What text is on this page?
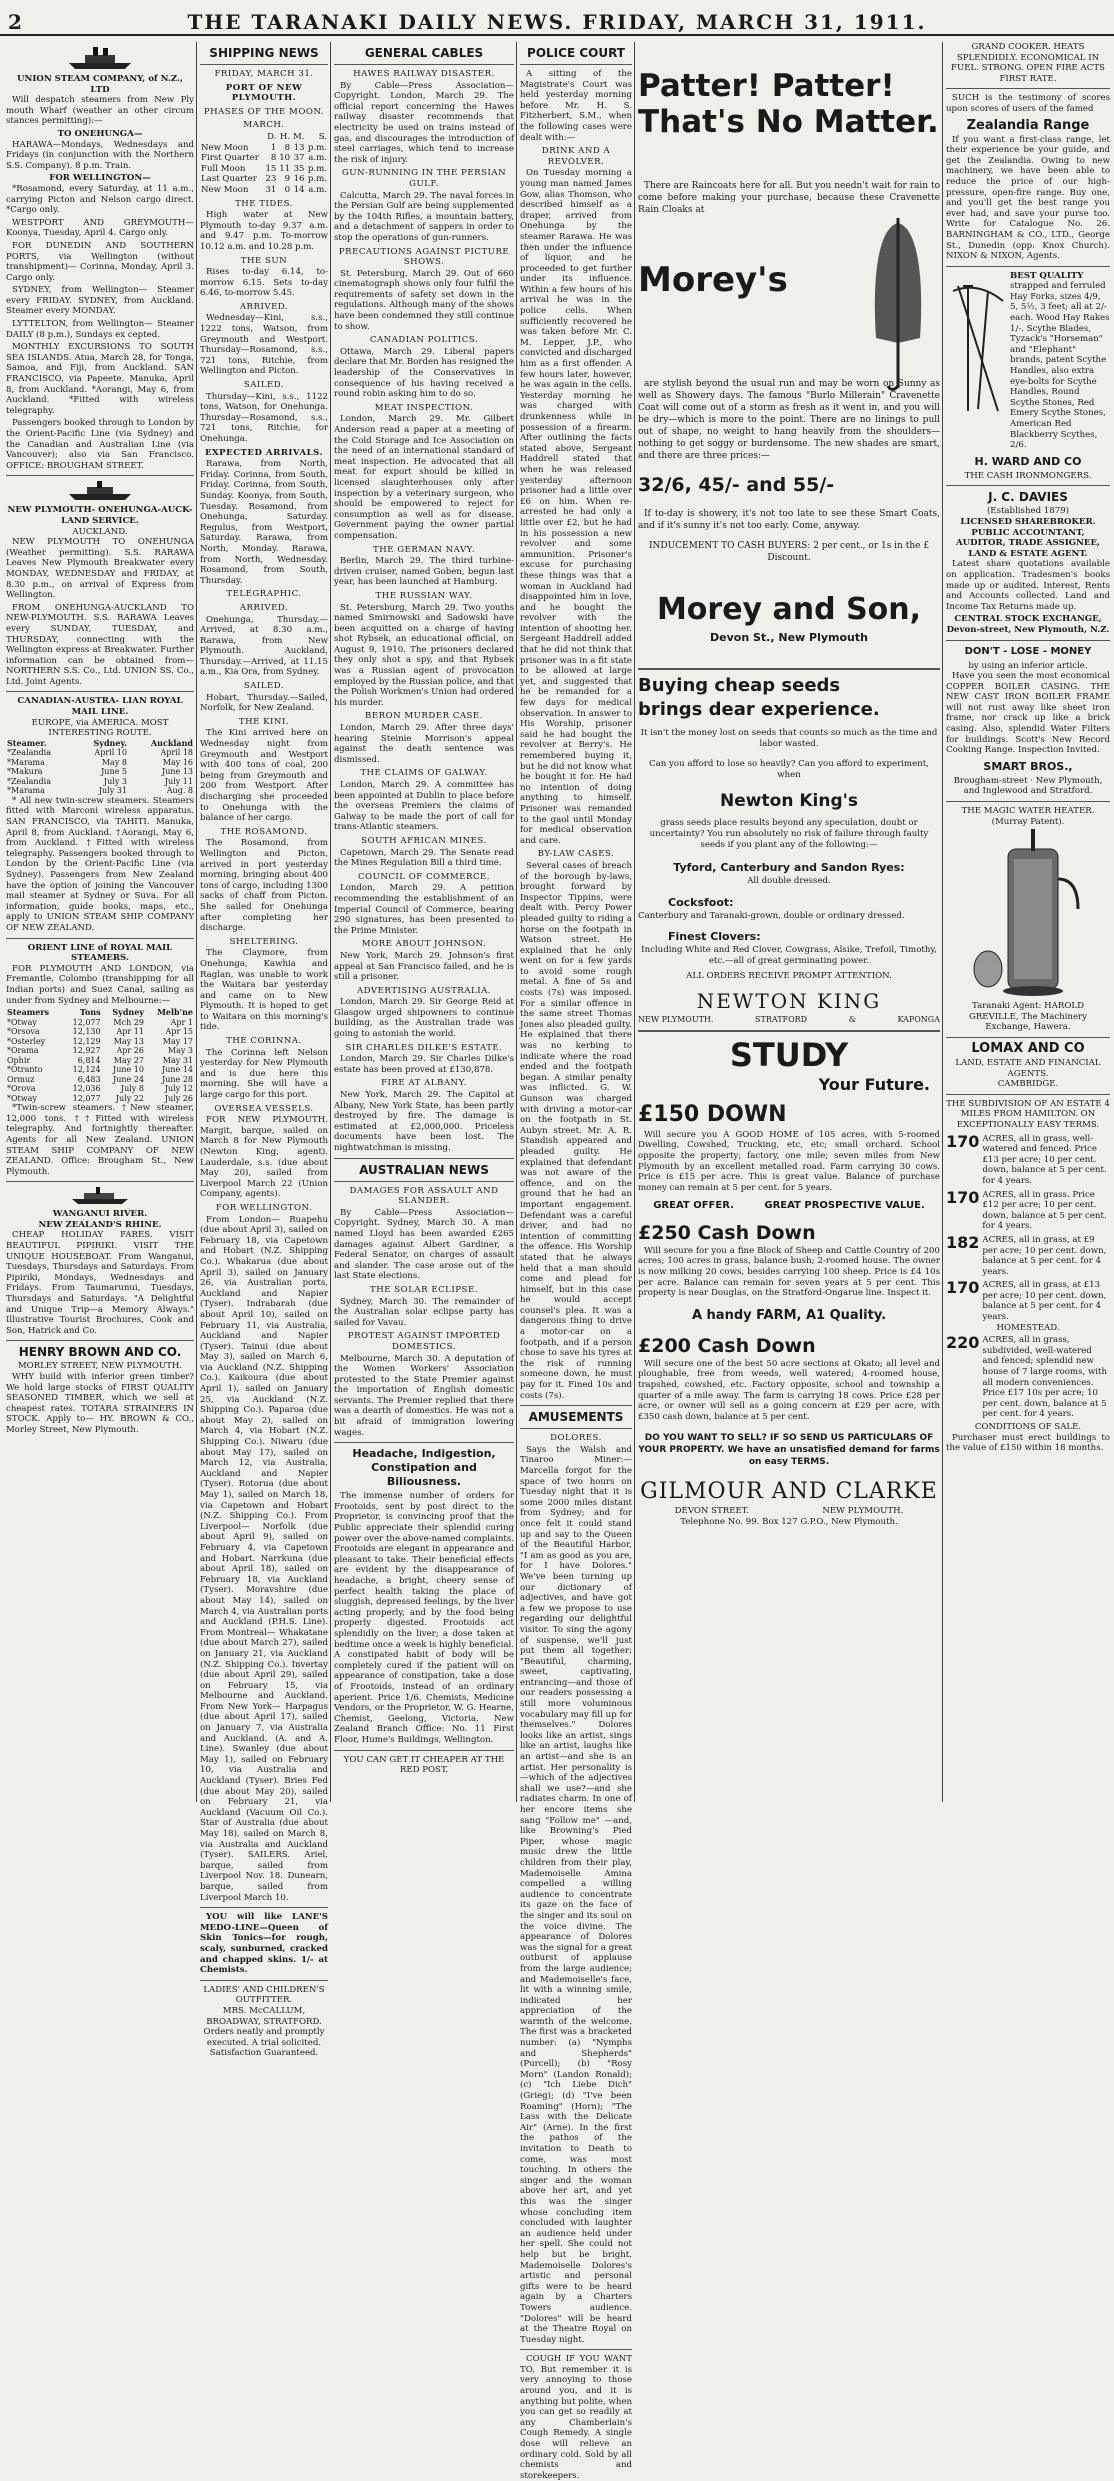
2	THE TARANAKI DAILY NEWS. FRIDAY, MARCH 31, 1911.
UNION STEAM COMPANY, of N.Z., LTD
Will despatch steamers from New Ply mouth Wharf (weather an other circum stances permitting):—
TO ONEHUNGA—
HARAWA—Mondays, Wednesdays and Fridays (in conjunction with the Northern S.S. Company). 8 p.m. Train.
FOR WELLINGTON—
*Rosamond, every Saturday, at 11 a.m., carrying Picton and Nelson cargo direct. *Cargo only.
WESTPORT AND GREYMOUTH— Koonya, Tuesday, April 4. Cargo only.
FOR DUNEDIN AND SOUTHERN PORTS, via Wellington (without transhipment)— Corinna, Monday, April 3. Cargo only.
SYDNEY, from Wellington— Steamer every FRIDAY. SYDNEY, from Auckland. Steamer every MONDAY.
LYTTELTON, from Wellington— Steamer DAILY (8 p.m.), Sundays ex cepted.
MONTHLY EXCURSIONS TO SOUTH SEA ISLANDS. Atua, March 28, for Tonga, Samoa, and Fiji, from Auckland. SAN FRANCISCO, via Papeete. Manuka, April 8, from Auckland. *Aorangi, May 6, from Auckland. *Fitted with wireless telegraphy.
Passengers booked through to London by the Orient-Pacific Line (via Sydney) and the Canadian and Australian Line (via Vancouver); also via San Francisco. OFFICE: BROUGHAM STREET.
NEW PLYMOUTH- ONEHUNGA-AUCK- LAND SERVICE.
AUCKLAND.
NEW PLYMOUTH TO ONEHUNGA (Weather permitting). S.S. RARAWA Leaves New Plymouth Breakwater every MONDAY, WEDNESDAY and FRIDAY, at 8.30 p.m., on arrival of Express from Wellington.
FROM ONEHUNGA-AUCKLAND TO NEW-PLYMOUTH. S.S. RARAWA Leaves every SUNDAY, TUESDAY, and THURSDAY, connecting with the Wellington express at Breakwater. Further information can be obtained from— NORTHERN S.S. Co., Ltd. UNION SS. Co., Ltd. Joint Agents.
CANADIAN-AUSTRA- LIAN ROYAL MAIL LINE.
EUROPE, via AMERICA. MOST INTERESTING ROUTE.
Steamer.	Sydney.	Auckland
*Zealandia	April 10	April 18
*Marama	May 8	May 16
*Makura	June 5	June 13
*Zealandia	July 3	July 11
*Marama	July 31	Aug. 8
* All new twin-screw steamers. Steamers fitted with Marconi wireless apparatus. SAN FRANCISCO, via TAHITI. Manuka, April 8, from Auckland. †Aorangi, May 6, from Auckland. †Fitted with wireless telegraphy. Passengers booked through to London by the Orient-Pacific Line (via Sydney). Passengers from New Zealand have the option of joining the Vancouver mail steamer at Sydney or Suva. For all information, guide books, maps, etc., apply to UNION STEAM SHIP COMPANY OF NEW ZEALAND.
ORIENT LINE of ROYAL MAIL STEAMERS.
FOR PLYMOUTH AND LONDON, via Fremantle, Colombo (transhipping for all Indian ports) and Suez Canal, sailing as under from Sydney and Melbourne:—
Steamers	Tons	Sydney	Melb'ne
*Otway	12,077	Mch 29	Apr 1
*Orsova	12,130	Apr 11	Apr 15
*Osterley	12,129	May 13	May 17
*Orama	12,927	Apr 26	May 3
Ophir	6,814	May 27	May 31
*Otranto	12,124	June 10	June 14
Ormuz	6,483	June 24	June 28
*Orova	12,036	July 8	July 12
*Otway	12,077	July 22	July 26
*Twin-screw steamers. †New steamer, 12,000 tons. ††Fitted with wireless telegraphy. And fortnightly thereafter. Agents for all New Zealand. UNION STEAM SHIP COMPANY OF NEW ZEALAND. Office: Brougham St., New Plymouth.
WANGANUI RIVER.
NEW ZEALAND'S RHINE.
CHEAP HOLIDAY FARES. VISIT BEAUTIFUL PIPIRIKI. VISIT THE UNIQUE HOUSEBOAT. From Wanganui, Tuesdays, Thursdays and Saturdays. From Pipiriki, Mondays, Wednesdays and Fridays. From Taumarunui, Tuesdays, Thursdays and Saturdays. "A Delightful and Unique Trip—a Memory Always." Illustrative Tourist Brochures, Cook and Son, Hatrick and Co.
HENRY BROWN AND CO.
MORLEY STREET, NEW PLYMOUTH.
WHY build with inferior green timber? We hold large stocks of FIRST QUALITY SEASONED TIMBER, which we sell at cheapest rates. TOTARA STRAINERS IN STOCK. Apply to— HY. BROWN & CO., Morley Street, New Plymouth.
SHIPPING NEWS
FRIDAY, MARCH 31.
PORT OF NEW PLYMOUTH.
PHASES OF THE MOON.
MARCH.
	D.	H.	M.	S.
New Moon	1	8	13	p.m.
First Quarter	8	10	37	a.m.
Full Moon	15	11	35	p.m.
Last Quarter	23	9	16	p.m.
New Moon	31	0	14	a.m.
THE TIDES.
High water at New Plymouth to-day 9.37 a.m. and 9.47 p.m. To-morrow 10.12 a.m. and 10.28 p.m.
THE SUN
Rises to-day 6.14, to-morrow 6.15. Sets to-day 6.46, to-morrow 5.45.
ARRIVED.
Wednesday—Kini, s.s., 1222 tons, Watson, from Greymouth and Westport. Thursday—Rosamond, s.s., 721 tons, Ritchie, from Wellington and Picton.
SAILED.
Thursday—Kini, s.s., 1122 tons, Watson, for Onehunga. Thursday—Rosamond, s.s., 721 tons, Ritchie, for Onehunga.
EXPECTED ARRIVALS.
Rarawa, from North, Friday. Corinna, from South, Friday. Corinna, from South, Sunday. Koonya, from South, Tuesday. Rosamond, from Onehunga, Saturday. Regulus, from Westport, Saturday. Rarawa, from North, Monday. Rarawa, from North, Wednesday. Rosamond, from South, Thursday.
TELEGRAPHIC.
ARRIVED.
Onehunga, Thursday.—Arrived, at 8.30 a.m., Rarawa, from New Plymouth. Auckland, Thursday.—Arrived, at 11.15 a.m., Kia Ora, from Sydney.
SAILED.
Hobart, Thursday.—Sailed, Norfolk, for New Zealand.
THE KINI.
The Kini arrived here on Wednesday night from Greymouth and Westport with 400 tons of coal, 200 being from Greymouth and 200 from Westport. After discharging she proceeded to Onehunga with the balance of her cargo.
THE ROSAMOND.
The Rosamond, from Wellington and Picton, arrived in port yesterday morning, bringing about 400 tons of cargo, including 1300 sacks of chaff from Picton. She sailed for Onehunga after completing her discharge.
SHELTERING.
The Claymore, from Onehunga, Kawhia and Raglan, was unable to work the Waitara bar yesterday and came on to New Plymouth. It is hoped to get to Waitara on this morning's tide.
THE CORINNA.
The Corinna left Nelson yesterday for New Plymouth and is due here this morning. She will have a large cargo for this port.
OVERSEA VESSELS.
FOR NEW PLYMOUTH. Margit, barque, sailed on March 8 for New Plymouth (Newton King, agent). Lauderdale, s.s. (due about May 20), sailed from Liverpool March 22 (Union Company, agents).
FOR WELLINGTON.
From London— Ruapehu (due about April 3), sailed on February 18, via Capetown and Hobart (N.Z. Shipping Co.). Whakarua (due about April 3), sailed on January 26, via Australian ports, Auckland and Napier (Tyser). Indrabarah (due about April 10), sailed on February 11, via Australia, Auckland and Napier (Tyser). Tainui (due about May 3), sailed on March 6, via Auckland (N.Z. Shipping Co.). Kaikoura (due about April 1), sailed on January 25, via Auckland (N.Z. Shipping Co.). Paparoa (due about May 2), sailed on March 4, via Hobart (N.Z. Shipping Co.). Niwaru (due about May 17), sailed on March 12, via Australia, Auckland and Napier (Tyser). Rotorua (due about May 1), sailed on March 18, via Capetown and Hobart (N.Z. Shipping Co.). From Liverpool— Norfolk (due about April 9), sailed on February 4, via Capetown and Hobart. Narrkuna (due about April 18), sailed on February 18, via Auckland (Tyser). Moravshire (due about May 14), sailed on March 4, via Australian ports and Auckland (P.H.S. Line). From Montreal— Whakatane (due about March 27), sailed on January 21, via Auckland (N.Z. Shipping Co.). Invertay (due about April 29), sailed on February 15, via Melbourne and Auckland. From New York— Harpagus (due about April 17), sailed on January 7, via Australia and Auckland. (A. and A. Line). Swanley (due about May 1), sailed on February 10, via Australia and Auckland (Tyser). Bries Fed (due about May 20), sailed on February 21, via Auckland (Vacuum Oil Co.). Star of Australia (due about May 18), sailed on March 8, via Australia and Auckland (Tyser). SAILERS. Ariel, barque, sailed from Liverpool Nov. 18. Dunearn, barque, sailed from Liverpool March 10.
YOU will like LANE'S MEDO-LINE—Queen of Skin Tonics—for rough, scaly, sunburned, cracked and chapped skins. 1/- at Chemists.
LADIES' AND CHILDREN'S OUTFITTER.
MRS. McCALLUM, BROADWAY, STRATFORD. Orders neatly and promptly executed. A trial solicited. Satisfaction Guaranteed.
GENERAL CABLES
HAWES RAILWAY DISASTER.
By Cable—Press Association—Copyright. London, March 29. The official report concerning the Hawes railway disaster recommends that electricity be used on trains instead of gas, and discourages the introduction of steel carriages, which tend to increase the risk of injury.
GUN-RUNNING IN THE PERSIAN GULF.
Calcutta, March 29. The naval forces in the Persian Gulf are being supplemented by the 104th Rifles, a mountain battery, and a detachment of sappers in order to stop the operations of gun-runners.
PRECAUTIONS AGAINST PICTURE SHOWS.
St. Petersburg, March 29. Out of 660 cinematograph shows only four fulfil the requirements of safety set down in the regulations. Although many of the shows have been condemned they still continue to show.
CANADIAN POLITICS.
Ottawa, March 29. Liberal papers declare that Mr. Borden has resigned the leadership of the Conservatives in consequence of his having received a round robin asking him to do so.
MEAT INSPECTION.
London, March 29. Mr. Gilbert Anderson read a paper at a meeting of the Cold Storage and Ice Association on the need of an international standard of meat inspection. He advocated that all meat for export should be killed in licensed slaughterhouses only after inspection by a veterinary surgeon, who should be empowered to reject for consumption as well as for disease. Government paying the owner partial compensation.
THE GERMAN NAVY.
Berlin, March 29. The third turbine-driven cruiser, named Goben, begun last year, has been launched at Hamburg.
THE RUSSIAN WAY.
St. Petersburg, March 29. Two youths named Smirnowski and Sadowski have been acquitted on a charge of having shot Rybsek, an educational official, on August 9, 1910. The prisoners declared they only shot a spy, and that Rybsek was a Russian agent of provocation employed by the Russian police, and that the Polish Workmen's Union had ordered his murder.
BERON MURDER CASE.
London, March 29. After three days' hearing Steinie Morrison's appeal against the death sentence was dismissed.
THE CLAIMS OF GALWAY.
London, March 29. A committee has been appointed at Dublin to place before the overseas Premiers the claims of Galway to be made the port of call for trans-Atlantic steamers.
SOUTH AFRICAN MINES.
Capetown, March 29. The Senate read the Mines Regulation Bill a third time.
COUNCIL OF COMMERCE.
London, March 29. A petition recommending the establishment of an Imperial Council of Commerce, bearing 290 signatures, has been presented to the Prime Minister.
MORE ABOUT JOHNSON.
New York, March 29. Johnson's first appeal at San Francisco failed, and he is still a prisoner.
ADVERTISING AUSTRALIA.
London, March 29. Sir George Reid at Glasgow urged shipowners to continue building, as the Australian trade was going to astonish the world.
SIR CHARLES DILKE'S ESTATE.
London, March 29. Sir Charles Dilke's estate has been proved at £130,878.
FIRE AT ALBANY.
New York, March 29. The Capitol at Albany, New York State, has been partly destroyed by fire. The damage is estimated at £2,000,000. Priceless documents have been lost. The nightwatchman is missing.
AUSTRALIAN NEWS
DAMAGES FOR ASSAULT AND SLANDER.
By Cable—Press Association—Copyright. Sydney, March 30. A man named Lloyd has been awarded £265 damages against Albert Gardiner, a Federal Senator, on charges of assault and slander. The case arose out of the last State elections.
THE SOLAR ECLIPSE.
Sydney, March 30. The remainder of the Australian solar eclipse party has sailed for Vavau.
PROTEST AGAINST IMPORTED DOMESTICS.
Melbourne, March 30. A deputation of the Women Workers' Association protested to the State Premier against the importation of English domestic servants. The Premier replied that there was a dearth of domestics. He was not a bit afraid of immigration lowering wages.
Headache, Indigestion, Constipation and Biliousness.
The immense number of orders for Frootoids, sent by post direct to the Proprietor, is convincing proof that the Public appreciate their splendid curing power over the above-named complaints. Frootoids are elegant in appearance and pleasant to take. Their beneficial effects are evident by the disappearance of headache, a bright, cheery sense of perfect health taking the place of sluggish, depressed feelings, by the liver acting properly, and by the food being properly digested. Frootoids act splendidly on the liver; a dose taken at bedtime once a week is highly beneficial. A constipated habit of body will be completely cured if the patient will on appearance of constipation, take a dose of Frootoids, instead of an ordinary aperient. Price 1/6. Chemists, Medicine Vendors, or the Proprietor, W. G. Hearne, Chemist, Geelong, Victoria. New Zealand Branch Office: No. 11 First Floor, Hume's Buildings, Wellington.
YOU CAN GET IT CHEAPER AT THE RED POST.
POLICE COURT
A sitting of the Magistrate's Court was held yesterday morning before Mr. H. S. Fitzherbert, S.M., when the following cases were dealt with:—
DRINK AND A REVOLVER.
On Tuesday morning a young man named James Gow, alias Thomson, who described himself as a draper, arrived from Onehunga by the steamer Rarawa. He was then under the influence of liquor, and he proceeded to get further under its influence. Within a few hours of his arrival he was in the police cells. When sufficiently recovered he was taken before Mr. C. M. Lepper, J.P., who convicted and discharged him as a first offender. A few hours later, however, he was again in the cells. Yesterday morning he was charged with drunkenness while in possession of a firearm. After outlining the facts stated above, Sergeant Haddrell stated that when he was released yesterday afternoon prisoner had a little over £6 on him. When re-arrested he had only a little over £2, but he had in his possession a new revolver and some ammunition. Prisoner's excuse for purchasing these things was that a woman in Auckland had disappointed him in love, and he bought the revolver with the intention of shooting her. Sergeant Haddrell added that he did not think that prisoner was in a fit state to be allowed at large yet, and suggested that he be remanded for a few days for medical observation. In answer to His Worship, prisoner said he had bought the revolver at Berry's. He remembered buying it, but he did not know what he bought it for. He had no intention of doing anything to himself. Prisoner was remanded to the gaol until Monday for medical observation and care.
BY-LAW CASES.
Several cases of breach of the borough by-laws, brought forward by Inspector Tippins, were dealt with. Percy Power pleaded guilty to riding a horse on the footpath in Watson street. He explained that he only went on for a few yards to avoid some rough metal. A fine of 5s and costs (7s) was imposed. For a similar offence in the same street Thomas Jones also pleaded guilty. He explained that there was no kerbing to indicate where the road ended and the footpath began. A similar penalty was inflicted. G. W. Gunson was charged with driving a motor-car on the footpath in St. Aubyn street. Mr. A. R. Standish appeared and pleaded guilty. He explained that defendant was not aware of the offence, and on the ground that he had an important engagement. Defendant was a careful driver, and had no intention of committing the offence. His Worship stated that he always held that a man should come and plead for himself, but in this case he would accept counsel's plea. It was a dangerous thing to drive a motor-car on a footpath, and if a person chose to save his tyres at the risk of running someone down, he must pay for it. Fined 10s and costs (7s).
AMUSEMENTS
DOLORES.
Says the Walsh and Tinaroo Miner:—Marcella forgot for the space of two hours on Tuesday night that it is some 2000 miles distant from Sydney; and for once felt it could stand up and say to the Queen of the Beautiful Harbor, "I am as good as you are, for I have Dolores." We've been turning up our dictionary of adjectives, and have got a few we propose to use regarding our delightful visitor. To sing the agony of suspense, we'll just put them all together: "Beautiful, charming, sweet, captivating, entrancing—and those of our readers possessing a still more voluminous vocabulary may fill up for themselves." Dolores looks like an artist, sings like an artist, laughs like an artist—and she is an artist. Her personality is—which of the adjectives shall we use?—and she radiates charm. In one of her encore items she sang "Follow me" —and, like Browning's Pied Piper, whose magic music drew the little children from their play, Mademoiselle Amina compelled a willing audience to concentrate its gaze on the face of the singer and its soul on the voice divine. The appearance of Dolores was the signal for a great outburst of applause from the large audience; and Mademoiselle's face, lit with a winning smile, indicated her appreciation of the warmth of the welcome. The first was a bracketed number: (a) "Nymphs and Shepherds" (Purcell); (b) "Rosy Morn" (Landon Ronald); (c) "Ich Liebe Dich" (Grieg); (d) "I've been Roaming" (Horn); "The Lass with the Delicate Air" (Arne). In the first the pathos of the invitation to Death to come, was most touching. In others the singer and the woman above her art, and yet this was the singer whose concluding item concluded with laughter an audience held under her spell. She could not help but be bright. Mademoiselle Dolores's artistic and personal gifts were to be heard again by a Charters Towers audience. "Dolores" will be heard at the Theatre Royal on Tuesday night.
COUGH IF YOU WANT TO. But remember it is very annoying to those around you, and it is anything but polite, when you can get so readily at any Chamberlain's Cough Remedy. A single dose will relieve an ordinary cold. Sold by all chemists and storekeepers.
Patter! Patter!
That's No Matter.
There are Raincoats here for all. But you needn't wait for rain to come before making your purchase, because these Cravenette Rain Cloaks at
Morey's
are stylish beyond the usual run and may be worn on Sunny as well as Showery days. The famous "Burlo Millerain" Cravenette Coat will come out of a storm as fresh as it went in, and you will be dry—which is more to the point. There are no linings to pull out of shape, no weight to hang heavily from the shoulders—nothing to get soggy or burdensome. The new shades are smart, and there are three prices:—
32/6, 45/- and 55/-
If to-day is showery, it's not too late to see these Smart Coats, and if it's sunny it's not too early. Come, anyway.
INDUCEMENT TO CASH BUYERS: 2 per cent., or 1s in the £ Discount.
Morey and Son,
Devon St., New Plymouth
Buying cheap seeds
brings dear experience.
It isn't the money lost on seeds that counts so much as the time and labor wasted.
Can you afford to lose so heavily? Can you afford to experiment, when
Newton King's
grass seeds place results beyond any speculation, doubt or uncertainty? You run absolutely no risk of failure through faulty seeds if you plant any of the following:—
Tyford, Canterbury and Sandon Ryes:
All double dressed.
Cocksfoot:
Canterbury and Taranaki-grown, double or ordinary dressed.
Finest Clovers:
Including White and Red Clover, Cowgrass, Alsike, Trefoil, Timothy, etc.—all of great germinating power.
ALL ORDERS RECEIVE PROMPT ATTENTION.
NEWTON KING
NEW PLYMOUTH.	STRATFORD	&	KAPONGA
STUDY
Your Future.
£150 DOWN
Will secure you A GOOD HOME of 105 acres, with 5-roomed Dwelling, Cowshed, Trucking, etc, etc; small orchard. School opposite the property; factory, one mile; seven miles from New Plymouth by an excellent metalled road. Farm carrying 30 cows. Price is £15 per acre. This is great value. Balance of purchase money can remain at 5 per cent. for 5 years.
GREAT OFFER.	GREAT PROSPECTIVE VALUE.
£250 Cash Down
Will secure for you a fine Block of Sheep and Cattle Country of 200 acres; 100 acres in grass, balance bush; 2-roomed house. The owner is now milking 20 cows, besides carrying 100 sheep. Price is £4 10s per acre. Balance can remain for seven years at 5 per cent. This property is near Douglas, on the Stratford-Ongarue line. Inspect it.
A handy FARM, A1 Quality.
£200 Cash Down
Will secure one of the best 50 acre sections at Okato; all level and ploughable, free from weeds, well watered; 4-roomed house, trapshed, cowshed, etc. Factory opposite, school and township a quarter of a mile away. The farm is carrying 18 cows. Price £28 per acre, or owner will sell as a going concern at £29 per acre, with £350 cash down, balance at 5 per cent.
DO YOU WANT TO SELL? IF SO SEND US PARTICULARS OF YOUR PROPERTY. We have an unsatisfied demand for farms on easy TERMS.
GILMOUR AND CLARKE
DEVON STREET.	NEW PLYMOUTH.
Telephone No. 99. Box 127 G.P.O., New Plymouth.
GRAND COOKER. HEATS SPLENDIDLY. ECONOMICAL IN FUEL. STRONG. OPEN FIRE ACTS FIRST RATE.
SUCH is the testimony of scores upon scores of users of the famed
Zealandia Range
If you want a first-class range, let their experience be your guide, and get the Zealandia. Owing to new machinery, we have been able to reduce the price of our high-pressure, open-fire range. Buy one, and you'll get the best range you ever had, and save your purse too. Write for Catalogue No. 26. BARNINGHAM & CO., LTD., George St., Dunedin (opp. Knox Church). NIXON & NIXON, Agents.
BEST QUALITY
strapped and ferruled Hay Forks, sizes 4/9, 5, 5½, 3 feet; all at 2/- each. Wood Hay Rakes 1/-. Scythe Blades, Tyzack's "Horseman" and "Elephant" brands, patent Scythe Handles, also extra eye-bolts for Scythe Handles, Round Scythe Stones, Red Emery Scythe Stones, American Red Blackberry Scythes, 2/6.
H. WARD AND CO
THE CASH IRONMONGERS.
J. C. DAVIES
(Established 1879)
LICENSED SHAREBROKER. PUBLIC ACCOUNTANT, AUDITOR, TRADE ASSIGNEE, LAND & ESTATE AGENT.
Latest share quotations available on application. Tradesmen's books made up or audited. Interest, Rents and Accounts collected. Land and Income Tax Returns made up.
CENTRAL STOCK EXCHANGE, Devon-street, New Plymouth, N.Z.
DON'T - LOSE - MONEY
by using an inferior article.
Have you seen the most economical COPPER BOILER CASING. THE NEW CAST IRON BOILER FRAME will not rust away like sheet iron frame, nor crack up like a brick casing. Also, splendid Water Filters for buildings. Scott's New Record Cooking Range. Inspection Invited.
SMART BROS.,
Brougham-street · New Plymouth, and Inglewood and Stratford.
THE MAGIC WATER HEATER.
(Murray Patent).
Taranaki Agent: HAROLD GREVILLE, The Machinery Exchange, Hawera.
LOMAX AND CO
LAND, ESTATE AND FINANCIAL AGENTS.
CAMBRIDGE.
THE SUBDIVISION OF AN ESTATE 4 MILES FROM HAMILTON. ON EXCEPTIONALLY EASY TERMS.
170 ACRES, all in grass, well-watered and fenced. Price £13 per acre; 10 per cent. down, balance at 5 per cent. for 4 years.
170 ACRES, all in grass. Price £12 per acre; 10 per cent. down, balance at 5 per cent. for 4 years.
182 ACRES, all in grass, at £9 per acre; 10 per cent. down, balance at 5 per cent. for 4 years.
170 ACRES, all in grass, at £13 per acre; 10 per cent. down, balance at 5 per cent. for 4 years.
HOMESTEAD.
220 ACRES, all in grass, subdivided, well-watered and fenced; splendid new house of 7 large rooms, with all modern conveniences. Price £17 10s per acre; 10 per cent. down, balance at 5 per cent. for 4 years.
CONDITIONS OF SALE.
Purchaser must erect buildings to the value of £150 within 18 months.
